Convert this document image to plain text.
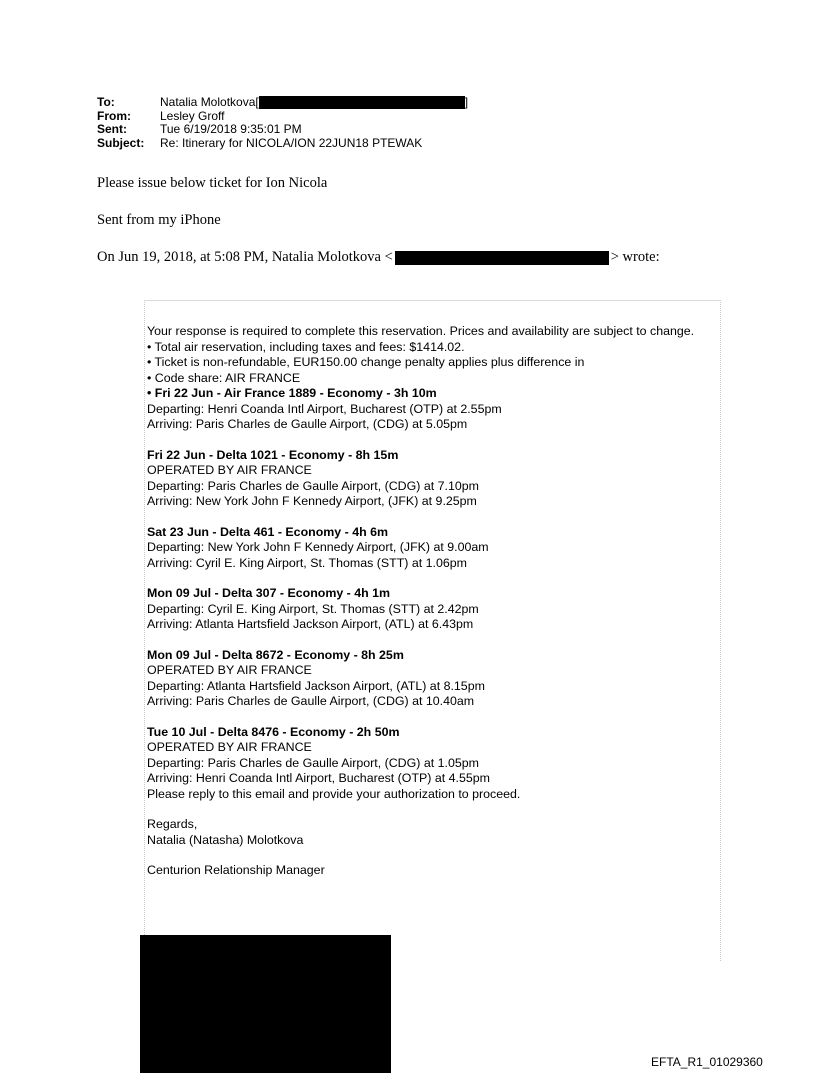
To:	Natalia Molotkova[	]
From:	Lesley Groff
Sent:	Tue 6/19/2018 9:35:01 PM
Subject:	Re: Itinerary for NICOLA/ION 22JUN18 PTEWAK
Please issue below ticket for Ion Nicola
Sent from my iPhone
On Jun 19, 2018, at 5:08 PM, Natalia Molotkova <	> wrote:

Your response is required to complete this reservation. Prices and availability are subject to change.

• Total air reservation, including taxes and fees: $1414.02.

• Ticket is non-refundable, EUR150.00 change penalty applies plus difference in

• Code share: AIR FRANCE

• Fri 22 Jun - Air France 1889 - Economy - 3h 10m

Departing: Henri Coanda Intl Airport, Bucharest (OTP) at 2.55pm

Arriving: Paris Charles de Gaulle Airport, (CDG) at 5.05pm

Fri 22 Jun - Delta 1021 - Economy - 8h 15m

OPERATED BY AIR FRANCE

Departing: Paris Charles de Gaulle Airport, (CDG) at 7.10pm

Arriving: New York John F Kennedy Airport, (JFK) at 9.25pm

Sat 23 Jun - Delta 461 - Economy - 4h 6m

Departing: New York John F Kennedy Airport, (JFK) at 9.00am

Arriving: Cyril E. King Airport, St. Thomas (STT) at 1.06pm

Mon 09 Jul - Delta 307 - Economy - 4h 1m

Departing: Cyril E. King Airport, St. Thomas (STT) at 2.42pm

Arriving: Atlanta Hartsfield Jackson Airport, (ATL) at 6.43pm

Mon 09 Jul - Delta 8672 - Economy - 8h 25m

OPERATED BY AIR FRANCE

Departing: Atlanta Hartsfield Jackson Airport, (ATL) at 8.15pm

Arriving: Paris Charles de Gaulle Airport, (CDG) at 10.40am

Tue 10 Jul - Delta 8476 - Economy - 2h 50m

OPERATED BY AIR FRANCE

Departing: Paris Charles de Gaulle Airport, (CDG) at 1.05pm

Arriving: Henri Coanda Intl Airport, Bucharest (OTP) at 4.55pm

Please reply to this email and provide your authorization to proceed.

Regards,

Natalia (Natasha) Molotkova

Centurion Relationship Manager

EFTA_R1_01029360
